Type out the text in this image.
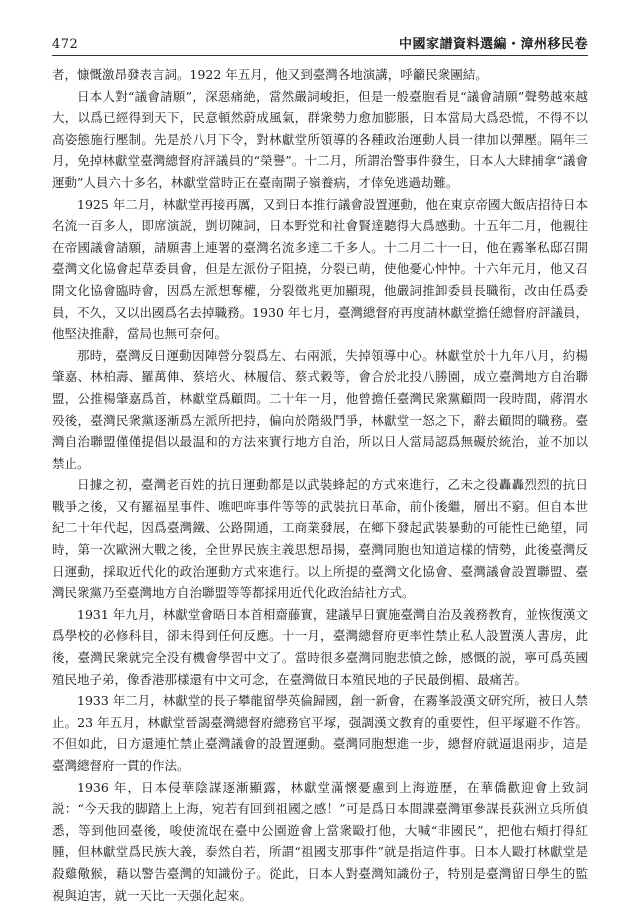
472	中國家譜資料選編・漳州移民卷

者，慷慨激昂發表言詞。1922 年五月，他又到臺灣各地演講，呼籲民衆團結。

日本人對“議會請願”，深惡痛絶，當然嚴詞峻拒，但是一般臺胞看見“議會請願”聲勢越來越大，以爲已經得到天下，民意頓然蔚成風氣，群衆勢力愈加膨脹，日本當局大爲恐慌，不得不以高姿態施行壓制。先是於八月下令，對林獻堂所領導的各種政治運動人員一律加以彈壓。隔年三月，免掉林獻堂臺灣總督府評議員的“榮譽”。十二月，所謂治警事件發生，日本人大肆捕拿“議會運動”人員六十多名，林獻堂當時正在臺南閘子嶺養病，才倖免逃過劫難。

1925 年二月，林獻堂再接再厲，又到日本推行議會設置運動，他在東京帝國大飯店招待日本名流一百多人，即席演説，剴切陳詞，日本野党和社會賢達聽得大爲感動。十五年二月，他親往在帝國議會請願，請願書上連署的臺灣名流多達二千多人。十二月二十一日，他在霧峯私邸召開臺灣文化協會起草委員會，但是左派份子阻撓，分裂已萌，使他憂心忡忡。十六年元月，他又召開文化協會臨時會，因爲左派想奪權，分裂徵兆更加顯現，他嚴詞推卸委員長職衔，改由任爲委員，不久，又以出國爲名去掉職務。1930 年七月，臺灣總督府再度請林獻堂擔任總督府評議員，他堅決推辭，當局也無可奈何。

那時，臺灣反日運動因陣營分裂爲左、右兩派，失掉領導中心。林獻堂於十九年八月，約楊肇嘉、林柏壽、羅萬俥、蔡培火、林履信、蔡式穀等，會合於北投八勝園，成立臺灣地方自治聯盟，公推楊肇嘉爲首，林獻堂爲顧問。二十年一月，他曾擔任臺灣民衆黨顧問一段時間，蔣渭水殁後，臺灣民衆黨逐漸爲左派所把持，偏向於階級鬥爭，林獻堂一怒之下，辭去顧問的職務。臺灣自治聯盟僅僅提倡以最温和的方法來實行地方自治，所以日人當局認爲無礙於統治，並不加以禁止。

日據之初，臺灣老百姓的抗日運動都是以武裝蜂起的方式來進行，乙未之役轟轟烈烈的抗日戰爭之後，又有羅福星事件、噍吧哖事件等等的武裝抗日革命，前仆後繼，層出不窮。但自本世紀二十年代起，因爲臺灣鐵、公路開通，工商業發展，在鄉下發起武裝暴動的可能性已絶望，同時，第一次歐洲大戰之後，全世界民族主義思想昂揚，臺灣同胞也知道這樣的情勢，此後臺灣反日運動，採取近代化的政治運動方式來進行。以上所提的臺灣文化協會、臺灣議會設置聯盟、臺灣民衆黨乃至臺灣地方自治聯盟等等都採用近代化政治結社方式。

1931 年九月，林獻堂會晤日本首相齋藤實，建議早日實施臺灣自治及義務教育，並恢復漢文爲學校的必修科目，卻未得到任何反應。十一月，臺灣總督府更率性禁止私人設置漢人書房，此後，臺灣民衆就完全没有機會學習中文了。當時很多臺灣同胞悲憤之餘，感慨的説，寧可爲英國殖民地子弟，像香港那樣還有中文可念，在臺灣做日本殖民地的子民最倒楣、最痛苦。

1933 年二月，林獻堂的長子攀龍留學英倫歸國，創一新會，在霧峯設漢文研究所，被日人禁止。23 年五月，林獻堂晉謁臺灣總督府總務官平塚，强調漢文教育的重要性，但平塚避不作答。不但如此，日方還連忙禁止臺灣議會的設置運動。臺灣同胞想進一步，總督府就逼退兩步，這是臺灣總督府一貫的作法。

1936 年，日本侵華陰謀逐漸顯露，林獻堂滿懷憂慮到上海遊歷，在華僑歡迎會上致詞説：“今天我的脚踏上上海，宛若有回到祖國之感！”可是爲日本間諜臺灣軍參謀長荻洲立兵所偵悉，等到他回臺後，唆使流氓在臺中公園遊會上當衆毆打他，大喊“非國民”，把他右頰打得紅腫，但林獻堂爲民族大義，泰然自若，所謂“祖國支那事件”就是指這件事。日本人毆打林獻堂是殺雞儆猴，藉以警告臺灣的知識份子。從此，日本人對臺灣知識份子，特别是臺灣留日學生的監視與迫害，就一天比一天强化起來。
